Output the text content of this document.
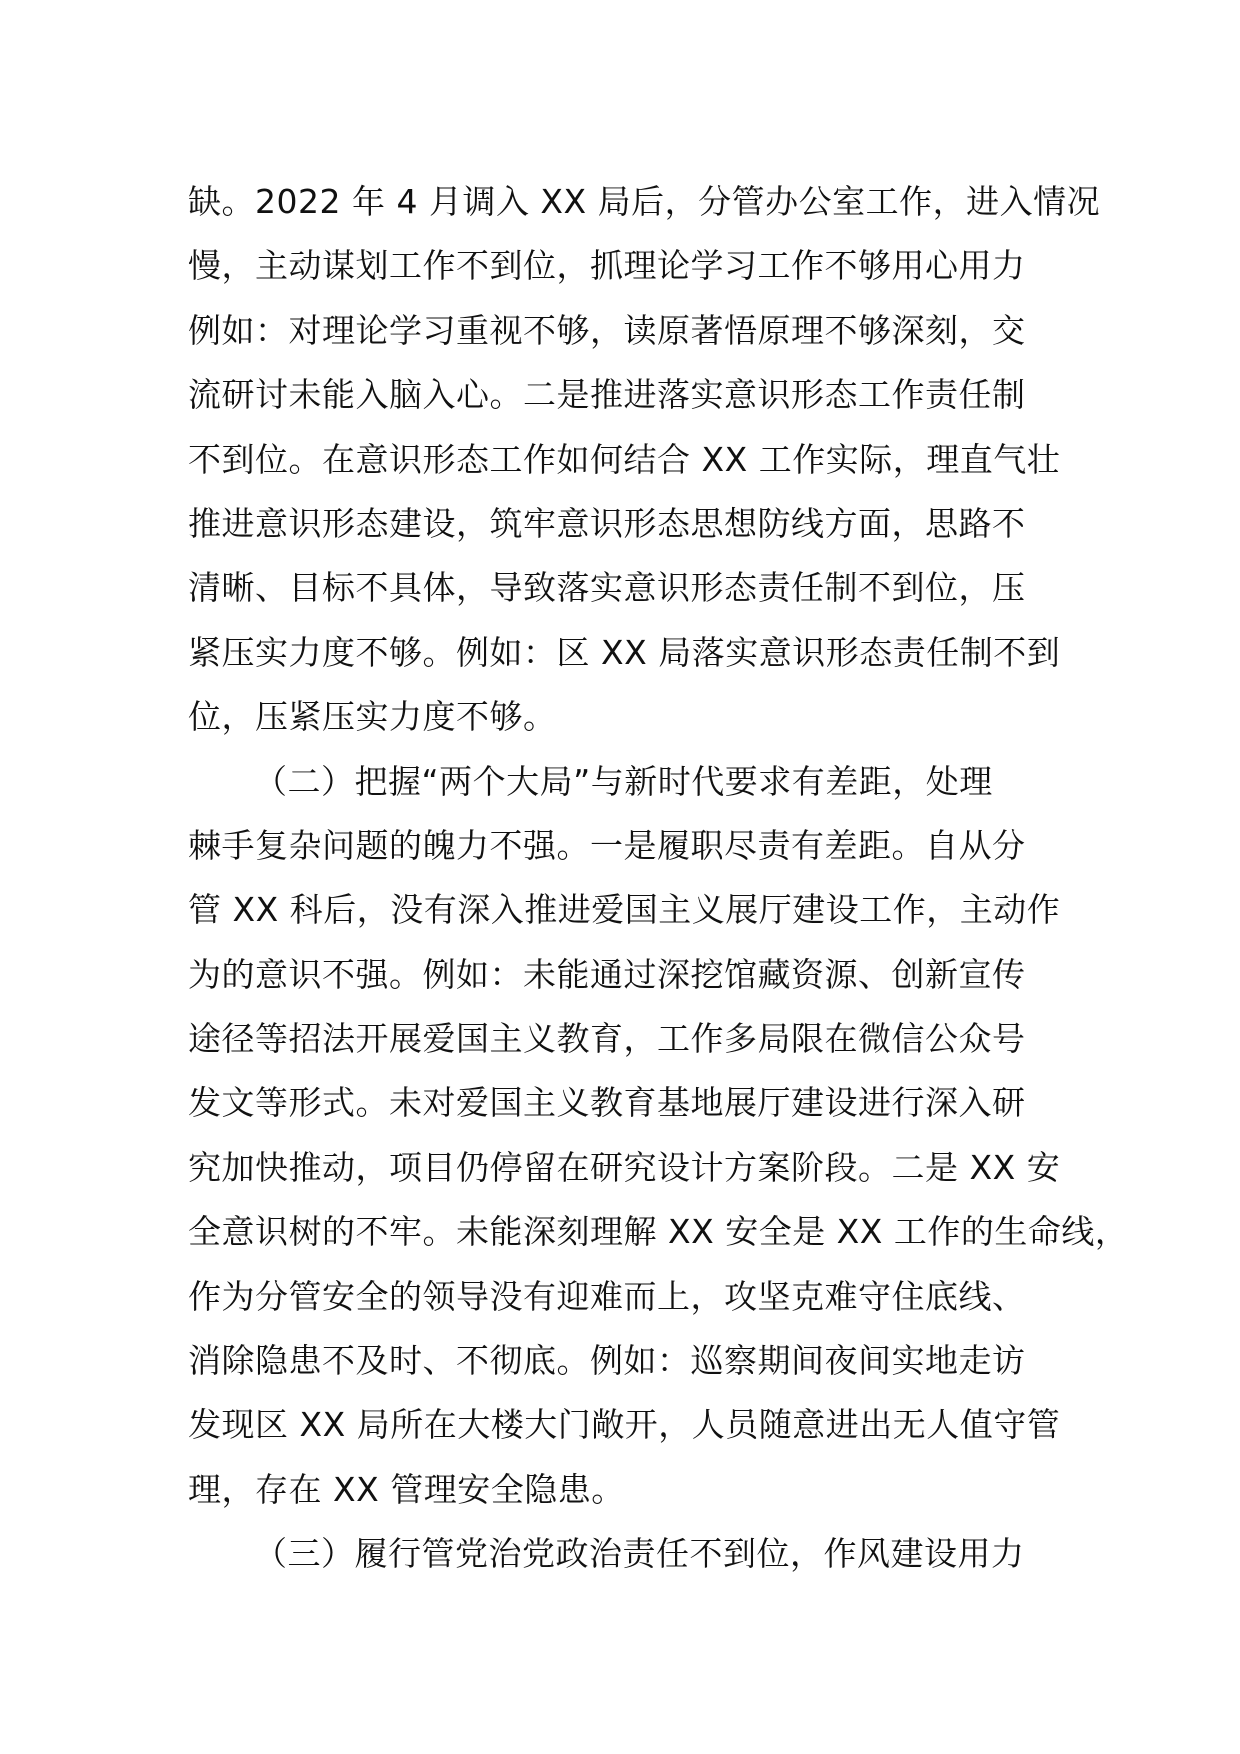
缺。2022 年 4 月调入 XX 局后，分管办公室工作，进入情况
慢，主动谋划工作不到位，抓理论学习工作不够用心用力
例如：对理论学习重视不够，读原著悟原理不够深刻，交
流研讨未能入脑入心。二是推进落实意识形态工作责任制
不到位。在意识形态工作如何结合 XX 工作实际，理直气壮
推进意识形态建设，筑牢意识形态思想防线方面，思路不
清晰、目标不具体，导致落实意识形态责任制不到位，压
紧压实力度不够。例如：区 XX 局落实意识形态责任制不到
位，压紧压实力度不够。
（二）把握“两个大局”与新时代要求有差距，处理
棘手复杂问题的魄力不强。一是履职尽责有差距。自从分
管 XX 科后，没有深入推进爱国主义展厅建设工作，主动作
为的意识不强。例如：未能通过深挖馆藏资源、创新宣传
途径等招法开展爱国主义教育，工作多局限在微信公众号
发文等形式。未对爱国主义教育基地展厅建设进行深入研
究加快推动，项目仍停留在研究设计方案阶段。二是 XX 安
全意识树的不牢。未能深刻理解 XX 安全是 XX 工作的生命线，
作为分管安全的领导没有迎难而上，攻坚克难守住底线、
消除隐患不及时、不彻底。例如：巡察期间夜间实地走访
发现区 XX 局所在大楼大门敞开，人员随意进出无人值守管
理，存在 XX 管理安全隐患。
（三）履行管党治党政治责任不到位，作风建设用力
